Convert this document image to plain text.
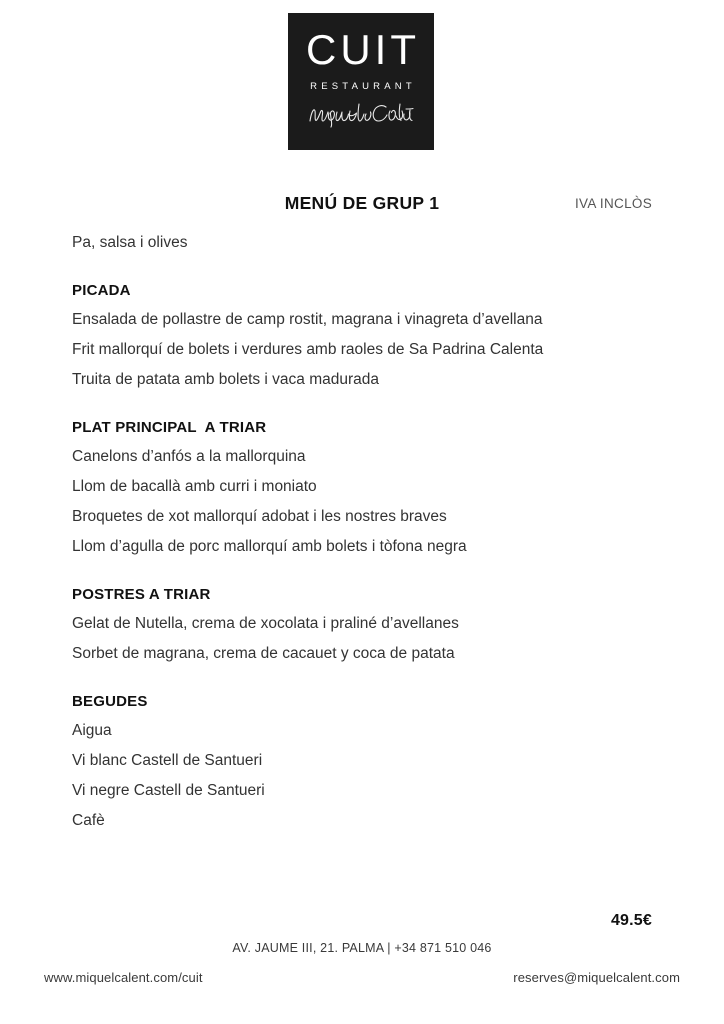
CUIT
RESTAURANT
MENÚ DE GRUP 1	IVA INCLÒS
Pa, salsa i olives
PICADA
Ensalada de pollastre de camp rostit, magrana i vinagreta d’avellana
Frit mallorquí de bolets i verdures amb raoles de Sa Padrina Calenta
Truita de patata amb bolets i vaca madurada
PLAT PRINCIPAL  A TRIAR
Canelons d’anfós a la mallorquina
Llom de bacallà amb curri i moniato
Broquetes de xot mallorquí adobat i les nostres braves
Llom d’agulla de porc mallorquí amb bolets i tòfona negra
POSTRES A TRIAR
Gelat de Nutella, crema de xocolata i praliné d’avellanes
Sorbet de magrana, crema de cacauet y coca de patata
BEGUDES
Aigua
Vi blanc Castell de Santueri
Vi negre Castell de Santueri
Cafè
49.5€
AV. JAUME III, 21. PALMA | +34 871 510 046
www.miquelcalent.com/cuit	reserves@miquelcalent.com
